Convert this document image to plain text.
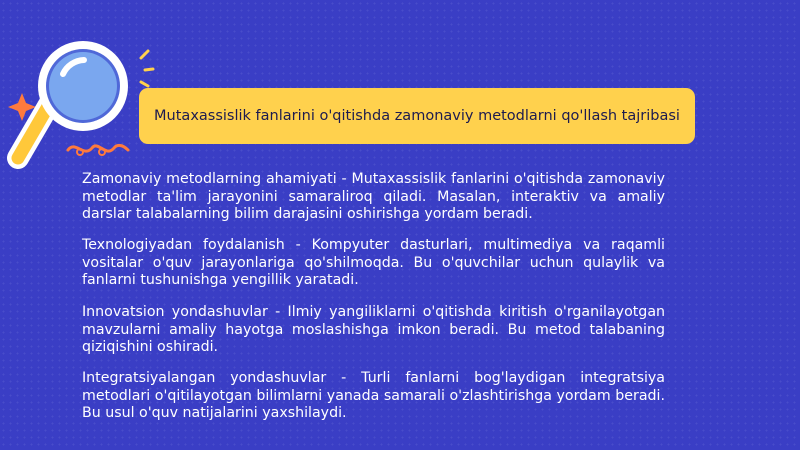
Mutaxassislik fanlarini o'qitishda zamonaviy metodlarni qo'llash tajribasi

Zamonaviy metodlarning ahamiyati - Mutaxassislik fanlarini o'qitishda zamonaviy metodlar ta'lim jarayonini samaraliroq qiladi. Masalan, interaktiv va amaliy darslar talabalarning bilim darajasini oshirishga yordam beradi.

Texnologiyadan foydalanish - Kompyuter dasturlari, multimediya va raqamli vositalar o'quv jarayonlariga qo'shilmoqda. Bu o'quvchilar uchun qulaylik va fanlarni tushunishga yengillik yaratadi.

Innovatsion yondashuvlar - Ilmiy yangiliklarni o'qitishda kiritish o'rganilayotgan mavzularni amaliy hayotga moslashishga imkon beradi. Bu metod talabaning qiziqishini oshiradi.

Integratsiyalangan yondashuvlar - Turli fanlarni bog'laydigan integratsiya metodlari o'qitilayotgan bilimlarni yanada samarali o'zlashtirishga yordam beradi. Bu usul o'quv natijalarini yaxshilaydi.
